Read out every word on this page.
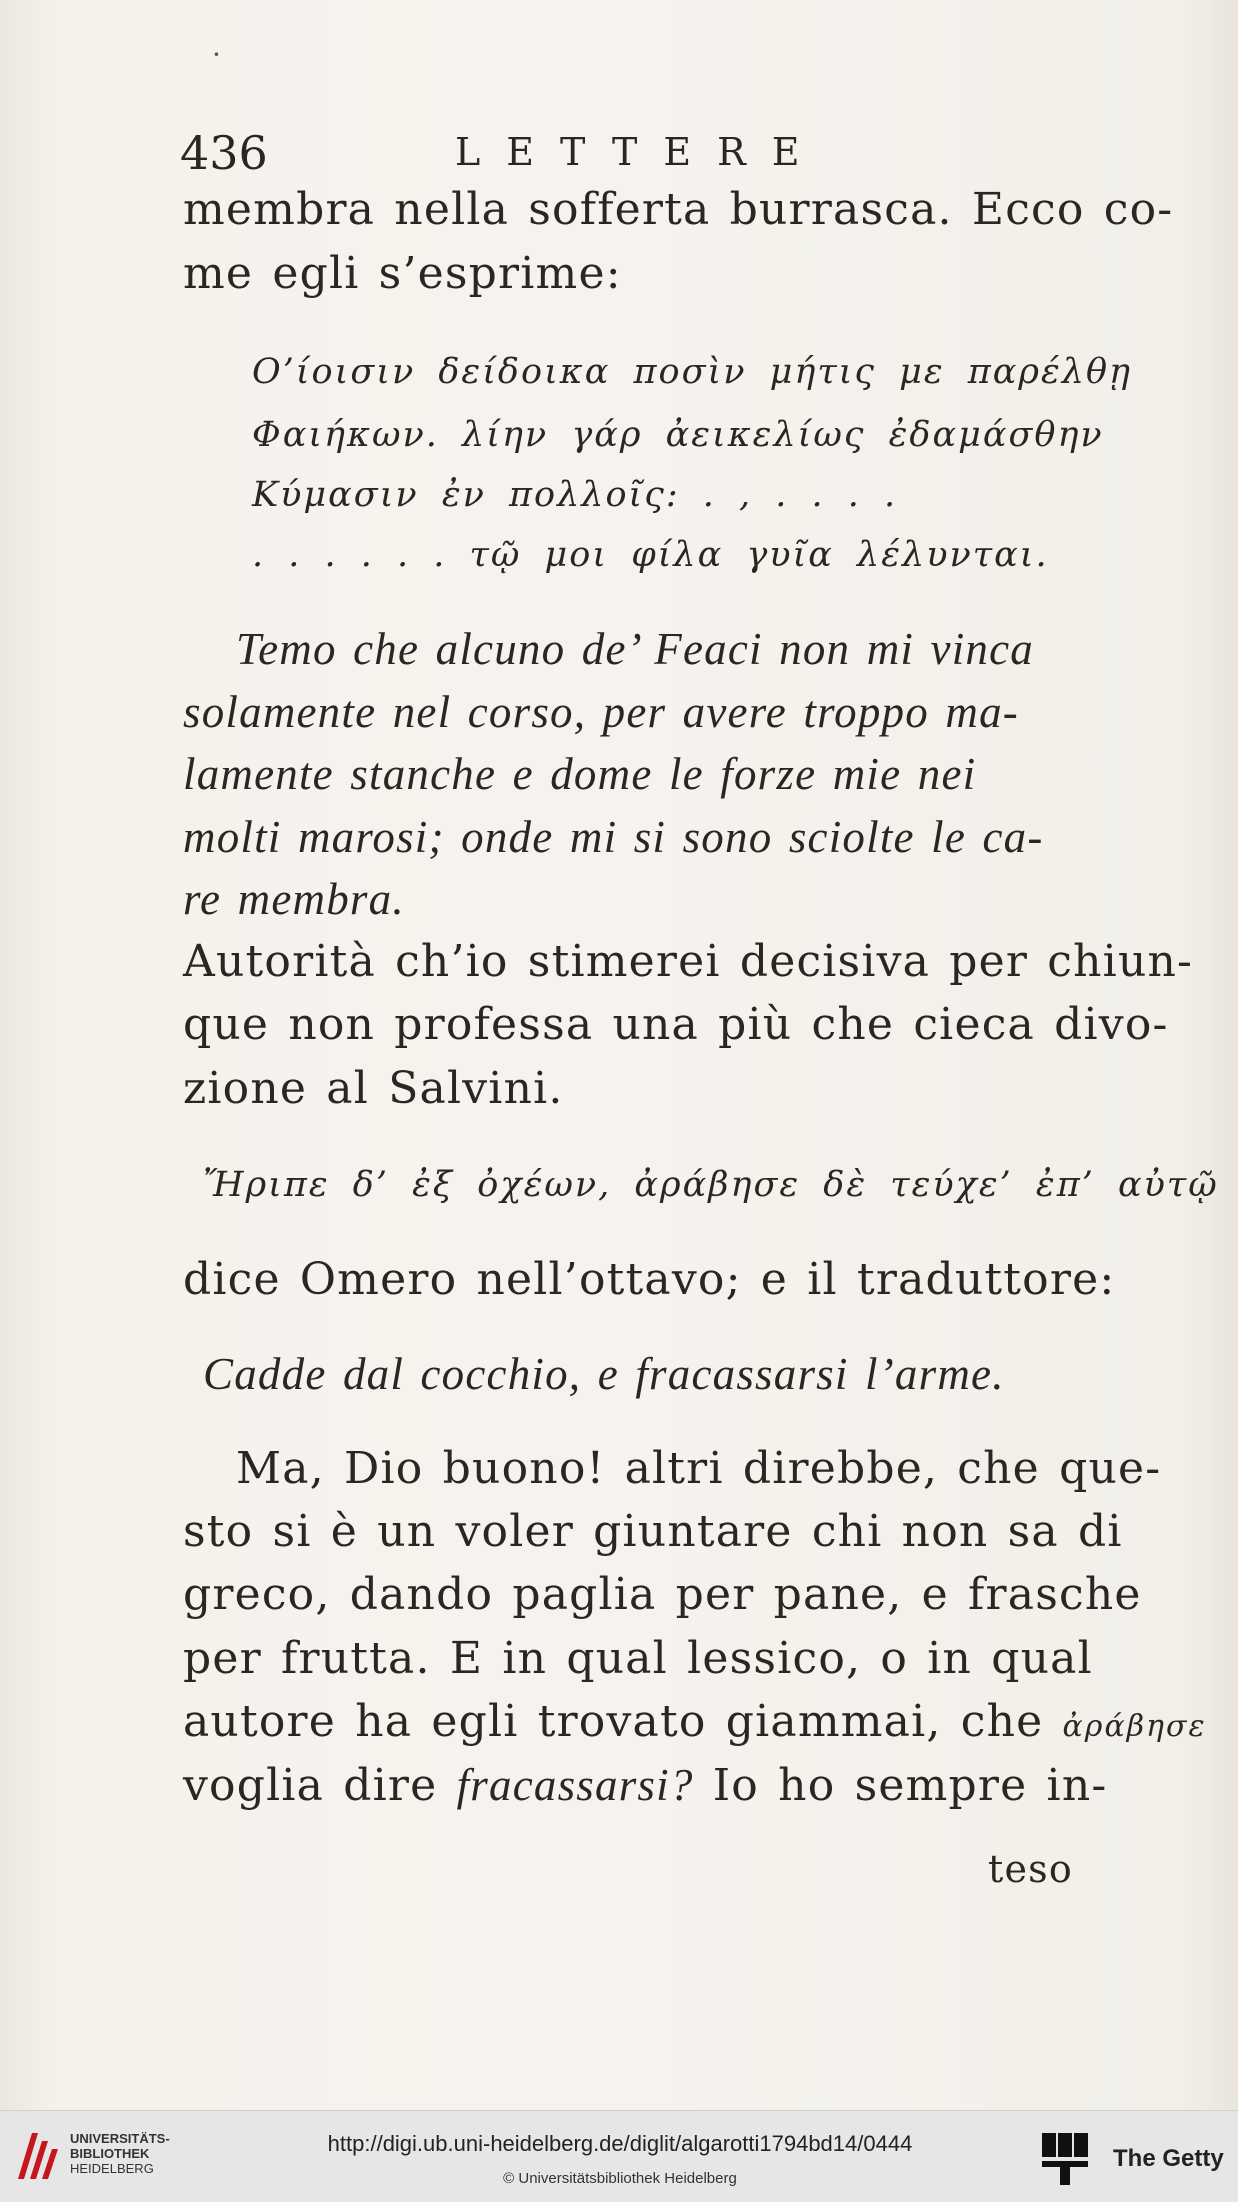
·
436	LETTERE
membra nella sofferta burrasca. Ecco co-
me egli s’esprime:
Ο’ίοισιν δείδοικα ποσὶν μήτις με παρέλθῃ
Φαιήκων. λίην γάρ ἀεικελίως ἐδαμάσθην
Κύμασιν ἐν πολλοῖς: . , . . . .
. . . . . . τῷ μοι φίλα γυῖα λέλυνται.
Temo che alcuno de’ Feaci non mi vinca
solamente nel corso, per avere troppo ma-
lamente stanche e dome le forze mie nei
molti marosi; onde mi si sono sciolte le ca-
re membra.
Autorità ch’io stimerei decisiva per chiun-
que non professa una più che cieca divo-
zione al Salvini.
Ἤριπε δ’ ἐξ ὀχέων, ἀράβησε δὲ τεύχε’ ἐπ’ αὐτῷ
dice Omero nell’ottavo; e il traduttore:
Cadde dal cocchio, e fracassarsi l’arme.
Ma, Dio buono! altri direbbe, che que-
sto si è un voler giuntare chi non sa di
greco, dando paglia per pane, e frasche
per frutta. E in qual lessico, o in qual
autore ha egli trovato giammai, che ἀράβησε
voglia dire fracassarsi? Io ho sempre in-
teso
UNIVERSITÄTS-
BIBLIOTHEK
HEIDELBERG
http://digi.ub.uni-heidelberg.de/diglit/algarotti1794bd14/0444
© Universitätsbibliothek Heidelberg
The Getty
